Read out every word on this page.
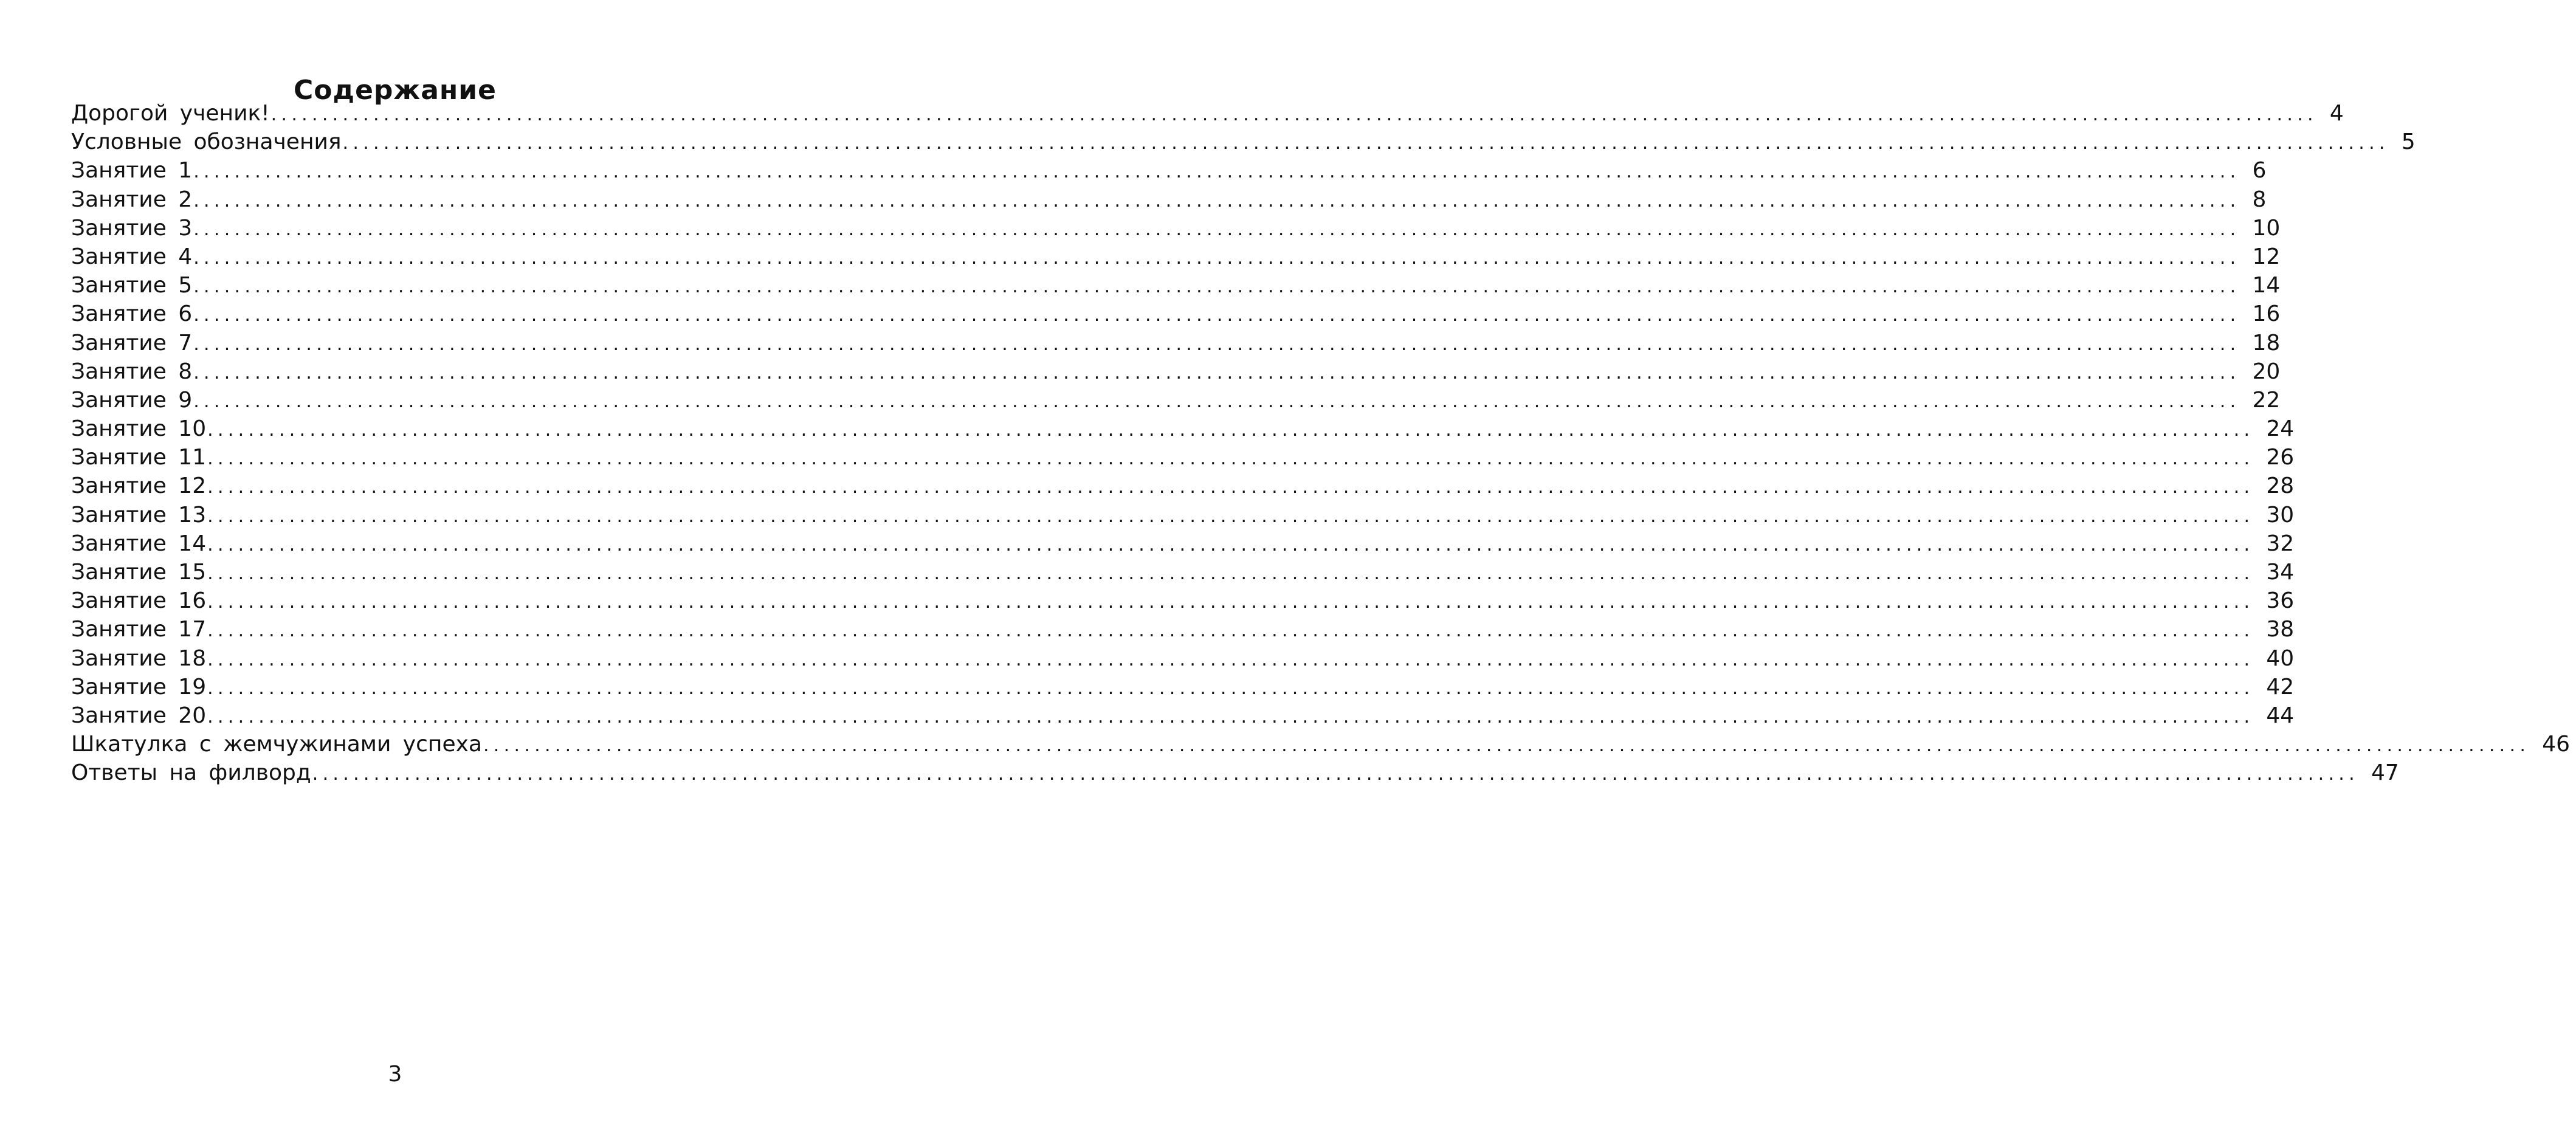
Содержание
Дорогой ученик! ........................................................................................................................................................................................................ 4
Условные обозначения ........................................................................................................................................................................................................ 5
Занятие 1 ........................................................................................................................................................................................................ 6
Занятие 2 ........................................................................................................................................................................................................ 8
Занятие 3 ........................................................................................................................................................................................................ 10
Занятие 4 ........................................................................................................................................................................................................ 12
Занятие 5 ........................................................................................................................................................................................................ 14
Занятие 6 ........................................................................................................................................................................................................ 16
Занятие 7 ........................................................................................................................................................................................................ 18
Занятие 8 ........................................................................................................................................................................................................ 20
Занятие 9 ........................................................................................................................................................................................................ 22
Занятие 10 ........................................................................................................................................................................................................ 24
Занятие 11 ........................................................................................................................................................................................................ 26
Занятие 12 ........................................................................................................................................................................................................ 28
Занятие 13 ........................................................................................................................................................................................................ 30
Занятие 14 ........................................................................................................................................................................................................ 32
Занятие 15 ........................................................................................................................................................................................................ 34
Занятие 16 ........................................................................................................................................................................................................ 36
Занятие 17 ........................................................................................................................................................................................................ 38
Занятие 18 ........................................................................................................................................................................................................ 40
Занятие 19 ........................................................................................................................................................................................................ 42
Занятие 20 ........................................................................................................................................................................................................ 44
Шкатулка с жемчужинами успеха ........................................................................................................................................................................................................ 46
Ответы на филворд ........................................................................................................................................................................................................ 47
3
